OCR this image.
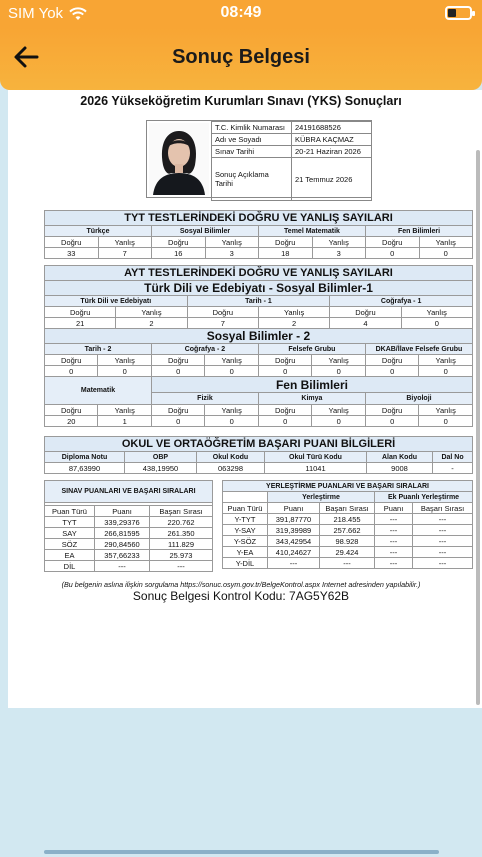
SIM Yok	08:49
Sonuç Belgesi
2026 Yükseköğretim Kurumları Sınavı (YKS) Sonuçları
T.C. Kimlik Numarası	24191688526
Adı ve Soyadı	KÜBRA KAÇMAZ
Sınav Tarihi	20-21 Haziran 2026
Sonuç Açıklama Tarihi	21 Temmuz 2026
TYT TESTLERİNDEKİ DOĞRU VE YANLIŞ SAYILARI							
Türkçe		Sosyal Bilimler		Temel Matematik		Fen Bilimleri	
Doğru	Yanlış	Doğru	Yanlış	Doğru	Yanlış	Doğru	Yanlış
33	7	16	3	18	3	0	0
AYT TESTLERİNDEKİ DOĞRU VE YANLIŞ SAYILARI											
Türk Dili ve Edebiyatı - Sosyal Bilimler-1											
Türk Dili ve Edebiyatı				Tarih - 1				Coğrafya - 1			
Doğru		Yanlış		Doğru		Yanlış		Doğru		Yanlış	
21		2		7		2		4		0	
Sosyal Bilimler - 2											
Tarih - 2			Coğrafya - 2			Felsefe Grubu			DKAB/İlave Felsefe Grubu		
Doğru	Yanlış		Doğru		Yanlış	Doğru	Yanlış		Doğru		Yanlış
0	0		0		0	0	0		0		0
Matematik			Fen Bilimleri								
			Fizik			Kimya			Biyoloji		
Doğru	Yanlış		Doğru		Yanlış	Doğru	Yanlış		Doğru		Yanlış
20	1		0		0	0	0		0		0
OKUL VE ORTAÖĞRETİM BAŞARI PUANI BİLGİLERİ					
Diploma Notu	OBP	Okul Kodu	Okul Türü Kodu	Alan Kodu	Dal No
87,63990	438,19950	063298	11041	9008	-
SINAV PUANLARI VE BAŞARI SIRALARI		

Puan Türü	Puanı	Başarı Sırası
TYT	339,29376	220.762
SAY	266,81595	261.350
SÖZ	290,84560	111.829
EA	357,66233	25.973
DİL	---	---
YERLEŞTİRME PUANLARI VE BAŞARI SIRALARI				
	Yerleştirme		Ek Puanlı Yerleştirme	
Puan Türü	Puanı	Başarı Sırası	Puanı	Başarı Sırası
Y-TYT	391,87770	218.455	---	---
Y-SAY	319,39989	257.662	---	---
Y-SÖZ	343,42954	98.928	---	---
Y-EA	410,24627	29.424	---	---
Y-DİL	---	---	---	---
(Bu belgenin aslına ilişkin sorgulama https://sonuc.osym.gov.tr/BelgeKontrol.aspx Internet adresinden yapılabilir.)
Sonuç Belgesi Kontrol Kodu: 7AG5Y62B
